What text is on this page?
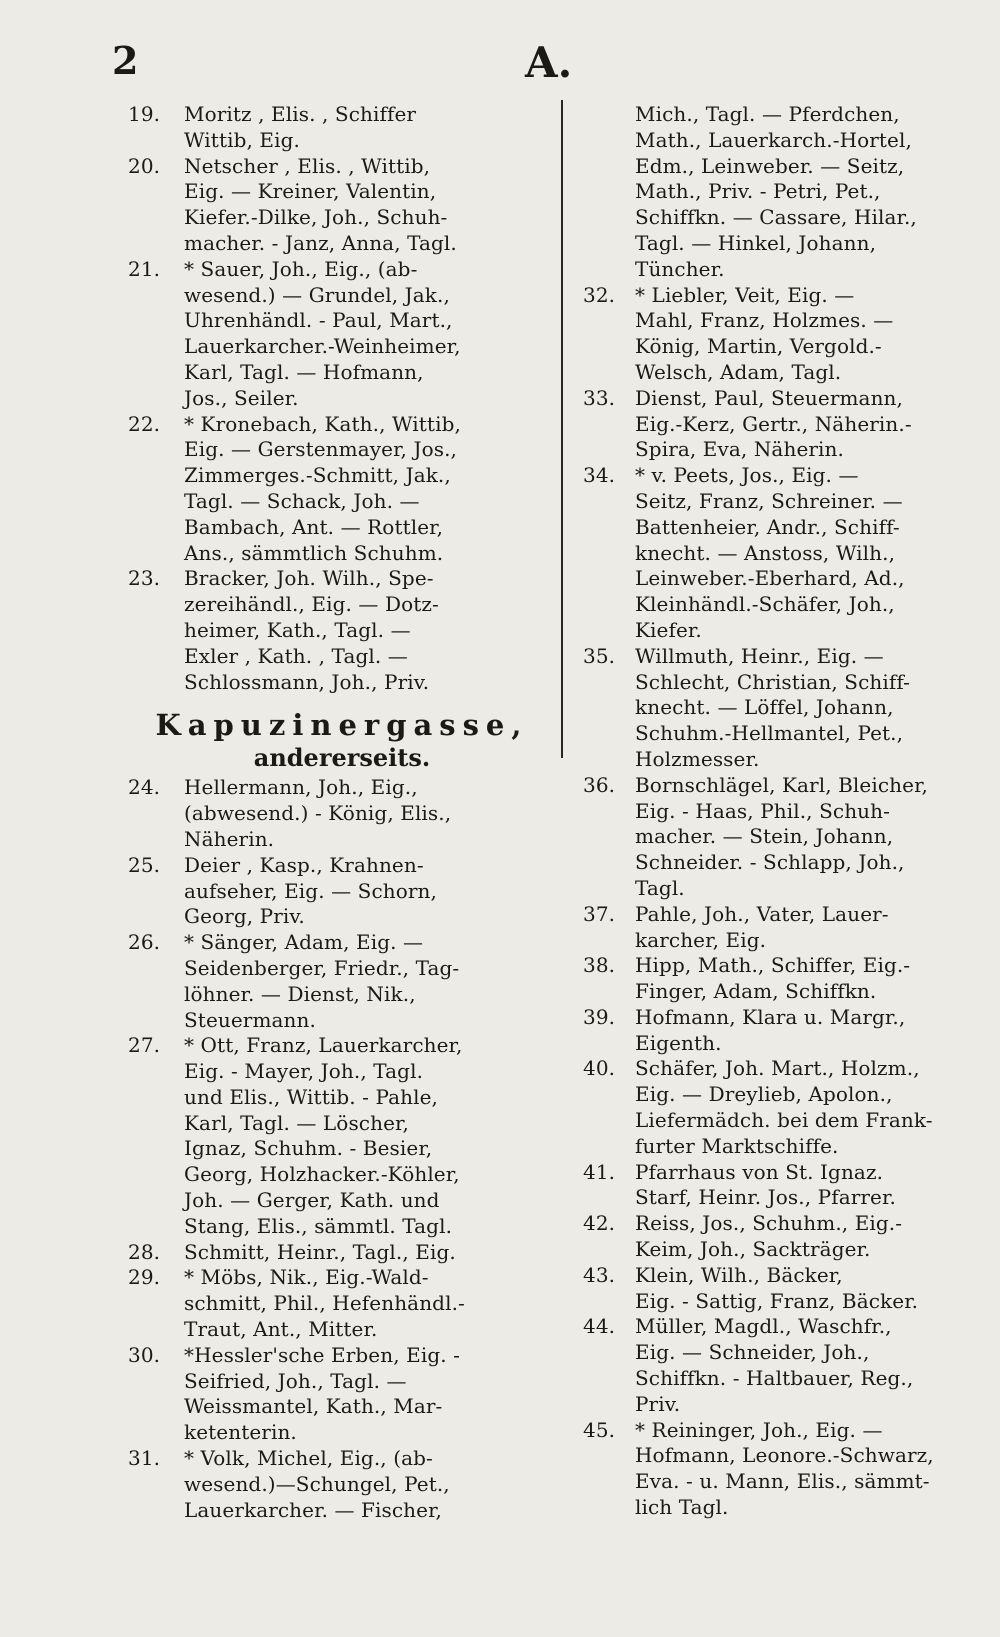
2	A.
19. Moritz , Elis. , Schiffer
Wittib, Eig.
20. Netscher , Elis. , Wittib,
Eig. — Kreiner, Valentin,
Kiefer.-Dilke, Joh., Schuh-
macher. - Janz, Anna, Tagl.
21. * Sauer, Joh., Eig., (ab-
wesend.) — Grundel, Jak.,
Uhrenhändl. - Paul, Mart.,
Lauerkarcher.-Weinheimer,
Karl, Tagl. — Hofmann,
Jos., Seiler.
22. * Kronebach, Kath., Wittib,
Eig. — Gerstenmayer, Jos.,
Zimmerges.-Schmitt, Jak.,
Tagl. — Schack, Joh. —
Bambach, Ant. — Rottler,
Ans., sämmtlich Schuhm.
23. Bracker, Joh. Wilh., Spe-
zereihändl., Eig. — Dotz-
heimer, Kath., Tagl. —
Exler , Kath. , Tagl. —
Schlossmann, Joh., Priv.
Kapuzinergasse,
andererseits.
24. Hellermann, Joh., Eig.,
(abwesend.) - König, Elis.,
Näherin.
25. Deier , Kasp., Krahnen-
aufseher, Eig. — Schorn,
Georg, Priv.
26. * Sänger, Adam, Eig. —
Seidenberger, Friedr., Tag-
löhner. — Dienst, Nik.,
Steuermann.
27. * Ott, Franz, Lauerkarcher,
Eig. - Mayer, Joh., Tagl.
und Elis., Wittib. - Pahle,
Karl, Tagl. — Löscher,
Ignaz, Schuhm. - Besier,
Georg, Holzhacker.-Köhler,
Joh. — Gerger, Kath. und
Stang, Elis., sämmtl. Tagl.
28. Schmitt, Heinr., Tagl., Eig.
29. * Möbs, Nik., Eig.-Wald-
schmitt, Phil., Hefenhändl.-
Traut, Ant., Mitter.
30. *Hessler'sche Erben, Eig. -
Seifried, Joh., Tagl. —
Weissmantel, Kath., Mar-
ketenterin.
31. * Volk, Michel, Eig., (ab-
wesend.)—Schungel, Pet.,
Lauerkarcher. — Fischer,
Mich., Tagl. — Pferdchen,
Math., Lauerkarch.-Hortel,
Edm., Leinweber. — Seitz,
Math., Priv. - Petri, Pet.,
Schiffkn. — Cassare, Hilar.,
Tagl. — Hinkel, Johann,
Tüncher.
32. * Liebler, Veit, Eig. —
Mahl, Franz, Holzmes. —
König, Martin, Vergold.-
Welsch, Adam, Tagl.
33. Dienst, Paul, Steuermann,
Eig.-Kerz, Gertr., Näherin.-
Spira, Eva, Näherin.
34. * v. Peets, Jos., Eig. —
Seitz, Franz, Schreiner. —
Battenheier, Andr., Schiff-
knecht. — Anstoss, Wilh.,
Leinweber.-Eberhard, Ad.,
Kleinhändl.-Schäfer, Joh.,
Kiefer.
35. Willmuth, Heinr., Eig. —
Schlecht, Christian, Schiff-
knecht. — Löffel, Johann,
Schuhm.-Hellmantel, Pet.,
Holzmesser.
36. Bornschlägel, Karl, Bleicher,
Eig. - Haas, Phil., Schuh-
macher. — Stein, Johann,
Schneider. - Schlapp, Joh.,
Tagl.
37. Pahle, Joh., Vater, Lauer-
karcher, Eig.
38. Hipp, Math., Schiffer, Eig.-
Finger, Adam, Schiffkn.
39. Hofmann, Klara u. Margr.,
Eigenth.
40. Schäfer, Joh. Mart., Holzm.,
Eig. — Dreylieb, Apolon.,
Liefermädch. bei dem Frank-
furter Marktschiffe.
41. Pfarrhaus von St. Ignaz.
Starf, Heinr. Jos., Pfarrer.
42. Reiss, Jos., Schuhm., Eig.-
Keim, Joh., Sackträger.
43. Klein, Wilh., Bäcker,
Eig. - Sattig, Franz, Bäcker.
44. Müller, Magdl., Waschfr.,
Eig. — Schneider, Joh.,
Schiffkn. - Haltbauer, Reg.,
Priv.
45. * Reininger, Joh., Eig. —
Hofmann, Leonore.-Schwarz,
Eva. - u. Mann, Elis., sämmt-
lich Tagl.
